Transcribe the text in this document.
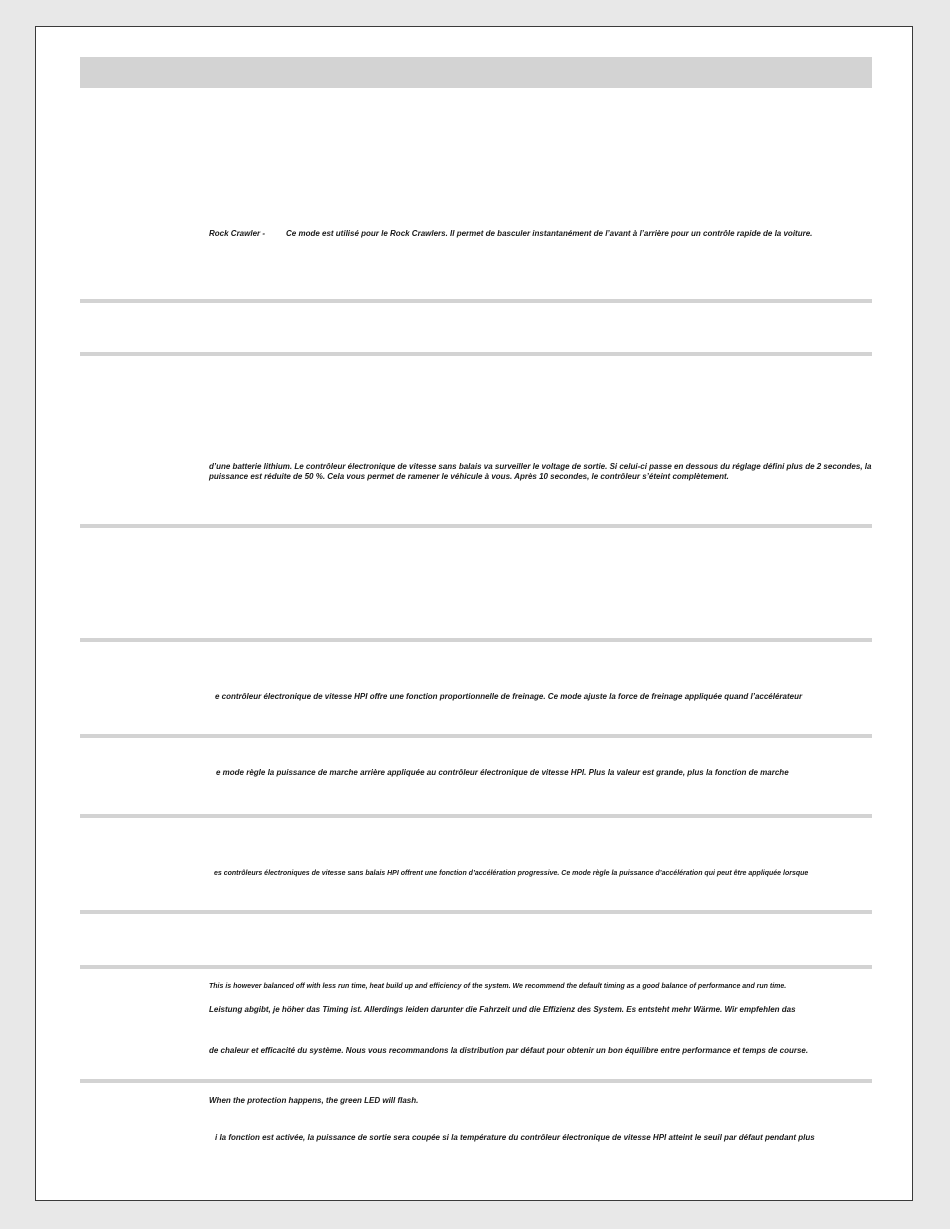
Rock Crawler -	Ce mode est utilisé pour le Rock Crawlers. Il permet de basculer instantanément de l’avant à l’arrière pour un contrôle rapide de la voiture.
d’une batterie lithium. Le contrôleur électronique de vitesse sans balais va surveiller le voltage de sortie. Si celui-ci passe en dessous du réglage défini plus de 2 secondes, la puissance est réduite de 50 %. Cela vous permet de ramener le véhicule à vous. Après 10 secondes, le contrôleur s’éteint complètement.
e contrôleur électronique de vitesse HPI offre une fonction proportionnelle de freinage. Ce mode ajuste la force de freinage appliquée quand l’accélérateur
e mode règle la puissance de marche arrière appliquée au contrôleur électronique de vitesse HPI. Plus la valeur est grande, plus la fonction de marche
es contrôleurs électroniques de vitesse sans balais HPI offrent une fonction d’accélération progressive. Ce mode règle la puissance d’accélération qui peut être appliquée lorsque
This is however balanced off with less run time, heat build up and efficiency of the system. We recommend the default timing as a good balance of performance and run time.
Leistung abgibt, je höher das Timing ist. Allerdings leiden darunter die Fahrzeit und die Effizienz des System. Es entsteht mehr Wärme. Wir empfehlen das
de chaleur et efficacité du système. Nous vous recommandons la distribution par défaut pour obtenir un bon équilibre entre performance et temps de course.
When the protection happens, the green LED will flash.
i la fonction est activée, la puissance de sortie sera coupée si la température du contrôleur électronique de vitesse HPI atteint le seuil par défaut pendant plus
